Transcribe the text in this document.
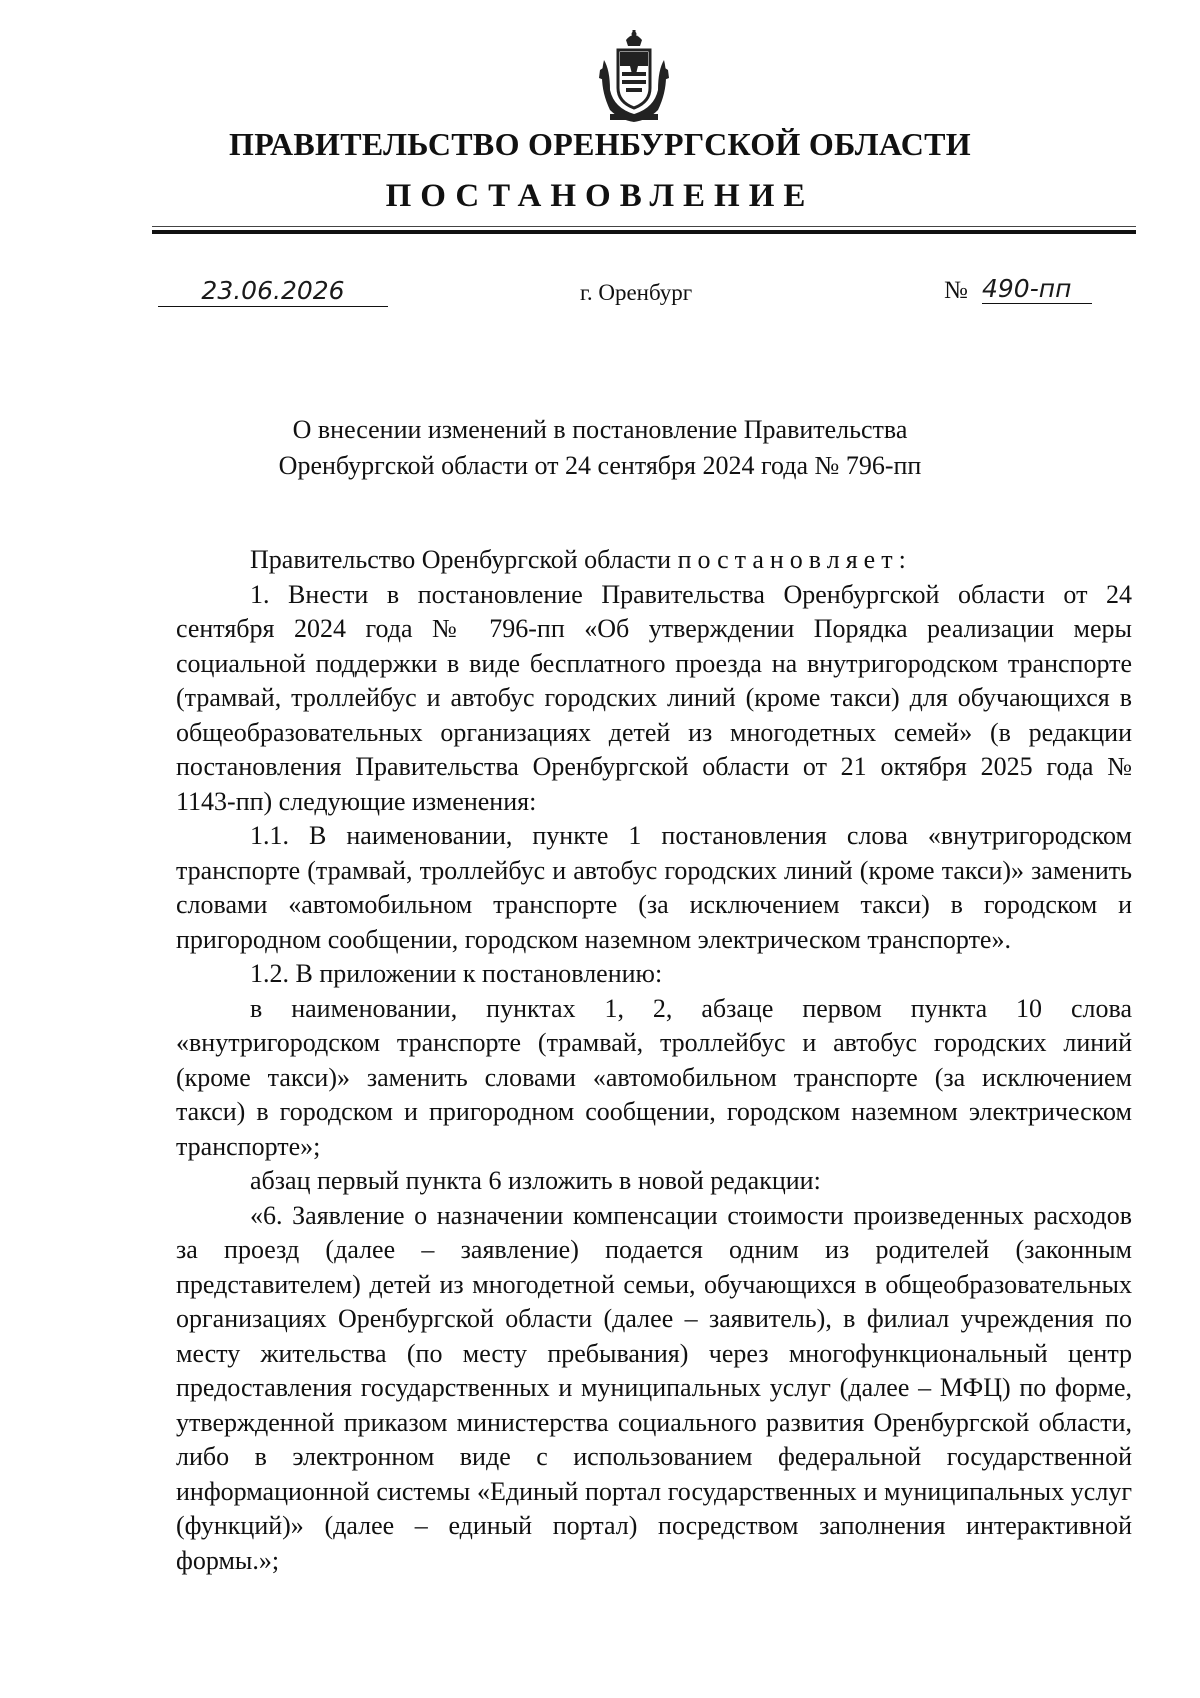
ПРАВИТЕЛЬСТВО ОРЕНБУРГСКОЙ ОБЛАСТИ
ПОСТАНОВЛЕНИЕ
23.06.2026	г. Оренбург	№ 490-пп
О внесении изменений в постановление Правительства
Оренбургской области от 24 сентября 2024 года № 796-пп

Правительство Оренбургской области постановляет:

1. Внести в постановление Правительства Оренбургской области от 24 сентября 2024 года № 796-пп «Об утверждении Порядка реализации меры социальной поддержки в виде бесплатного проезда на внутригородском транспорте (трамвай, троллейбус и автобус городских линий (кроме такси) для обучающихся в общеобразовательных организациях детей из многодетных семей» (в редакции постановления Правительства Оренбургской области от 21 октября 2025 года № 1143-пп) следующие изменения:

1.1. В наименовании, пункте 1 постановления слова «внутригородском транспорте (трамвай, троллейбус и автобус городских линий (кроме такси)» заменить словами «автомобильном транспорте (за исключением такси) в городском и пригородном сообщении, городском наземном электрическом транспорте».

1.2. В приложении к постановлению:

в наименовании, пунктах 1, 2, абзаце первом пункта 10 слова «внутригородском транспорте (трамвай, троллейбус и автобус городских линий (кроме такси)» заменить словами «автомобильном транспорте (за исключением такси) в городском и пригородном сообщении, городском наземном электрическом транспорте»;

абзац первый пункта 6 изложить в новой редакции:

«6. Заявление о назначении компенсации стоимости произведенных расходов за проезд (далее – заявление) подается одним из родителей (законным представителем) детей из многодетной семьи, обучающихся в общеобразовательных организациях Оренбургской области (далее – заявитель), в филиал учреждения по месту жительства (по месту пребывания) через многофункциональный центр предоставления государственных и муниципальных услуг (далее – МФЦ) по форме, утвержденной приказом министерства социального развития Оренбургской области, либо в электронном виде с использованием федеральной государственной информационной системы «Единый портал государственных и муниципальных услуг (функций)» (далее – единый портал) посредством заполнения интерактивной формы.»;
